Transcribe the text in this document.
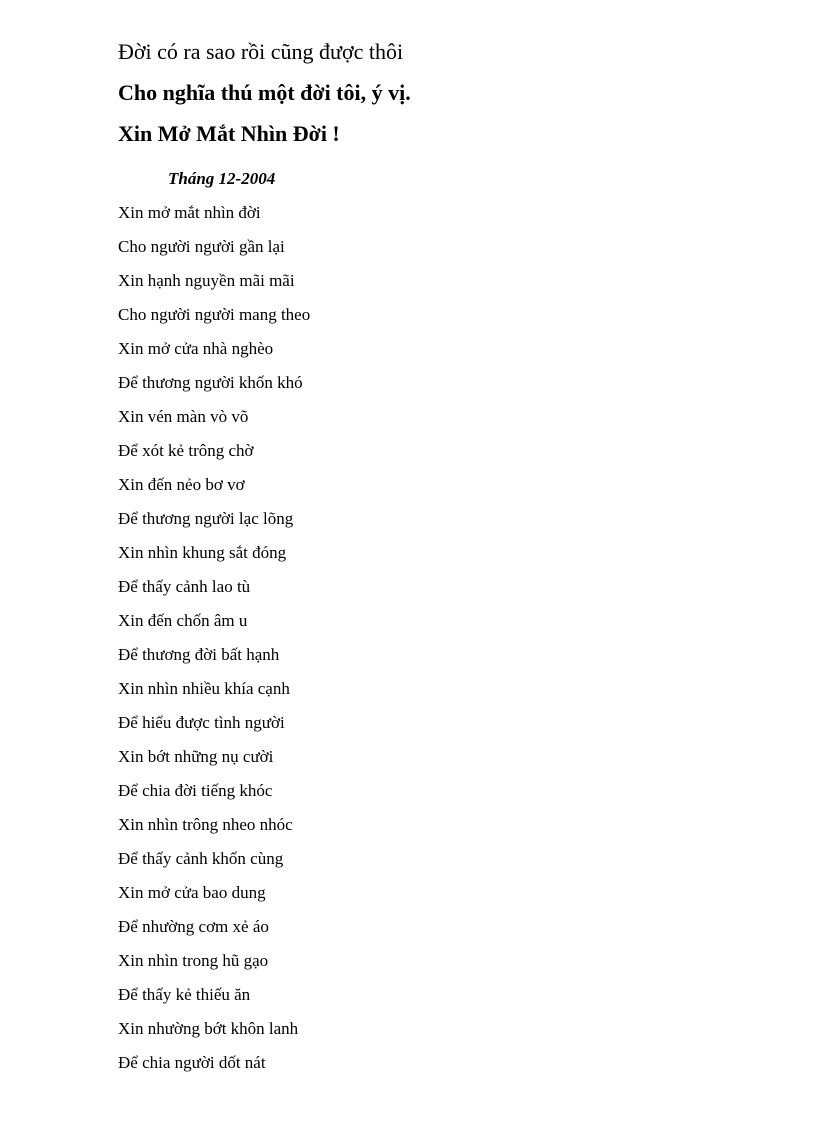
Đời có ra sao rồi cũng được thôi
Cho nghĩa thú một đời tôi, ý vị.
Xin Mở Mắt Nhìn Đời !
Tháng 12-2004
Xin mở mắt nhìn đời
Cho người người gần lại
Xin hạnh nguyền mãi mãi
Cho người người mang theo
Xin mở cửa nhà nghèo
Để thương người khốn khó
Xin vén màn vò võ
Để xót kẻ trông chờ
Xin đến nẻo bơ vơ
Để thương người lạc lõng
Xin nhìn khung sắt đóng
Để thấy cảnh lao tù
Xin đến chốn âm u
Để thương đời bất hạnh
Xin nhìn nhiều khía cạnh
Để hiểu được tình người
Xin bớt những nụ cười
Để chia đời tiếng khóc
Xin nhìn trông nheo nhóc
Để thấy cảnh khốn cùng
Xin mở cửa bao dung
Để nhường cơm xẻ áo
Xin nhìn trong hũ gạo
Để thấy kẻ thiếu ăn
Xin nhường bớt khôn lanh
Để chia người dốt nát
